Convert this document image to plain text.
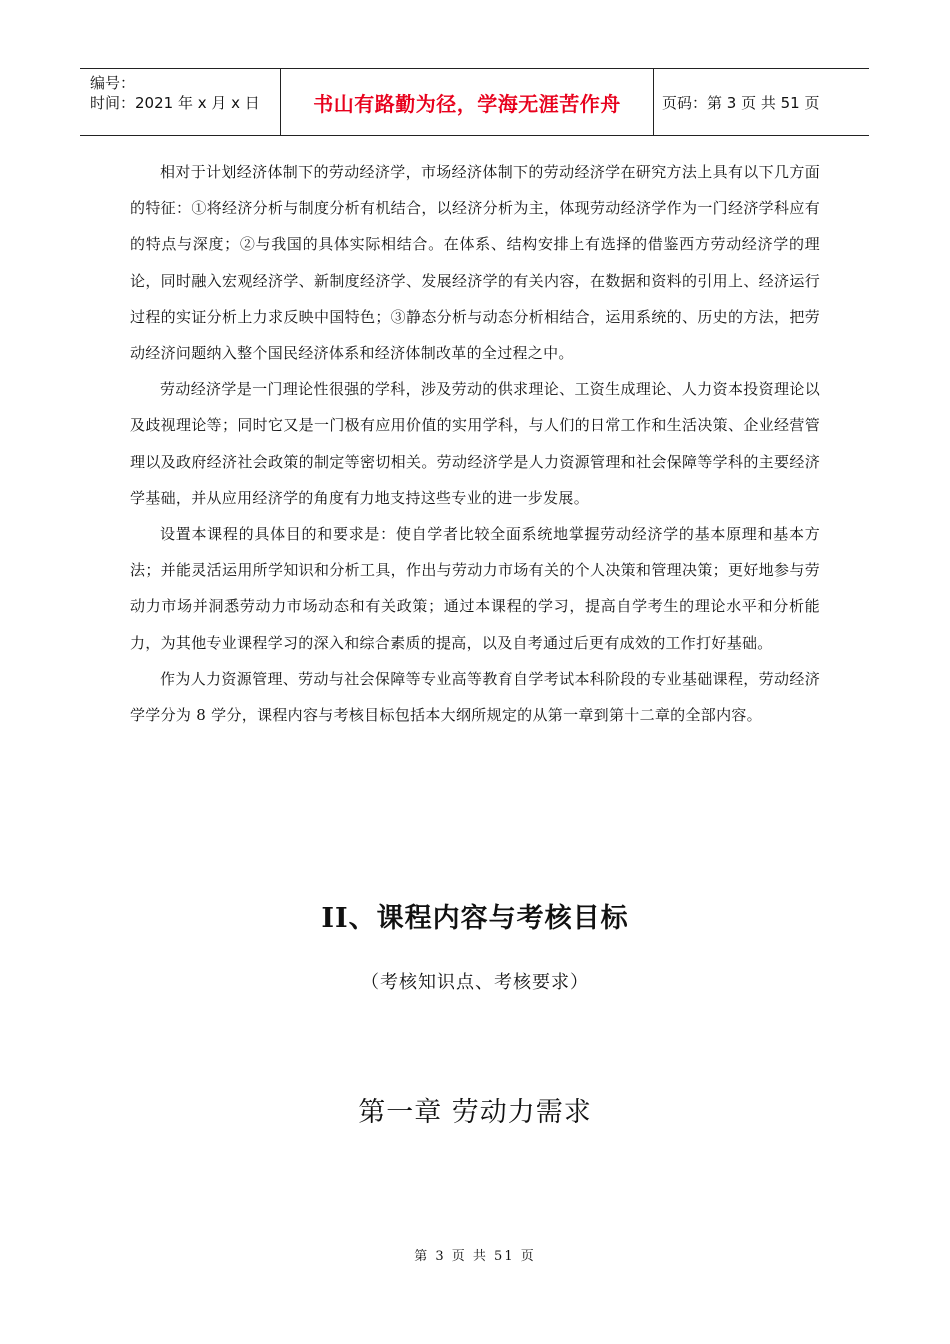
编号：
时间：2021 年 x 月 x 日	书山有路勤为径，学海无涯苦作舟	页码：第 3 页 共 51 页

相对于计划经济体制下的劳动经济学，市场经济体制下的劳动经济学在研究方法上具有以下几方面的特征：①将经济分析与制度分析有机结合，以经济分析为主，体现劳动经济学作为一门经济学科应有的特点与深度；②与我国的具体实际相结合。在体系、结构安排上有选择的借鉴西方劳动经济学的理论，同时融入宏观经济学、新制度经济学、发展经济学的有关内容，在数据和资料的引用上、经济运行过程的实证分析上力求反映中国特色；③静态分析与动态分析相结合，运用系统的、历史的方法，把劳动经济问题纳入整个国民经济体系和经济体制改革的全过程之中。

劳动经济学是一门理论性很强的学科，涉及劳动的供求理论、工资生成理论、人力资本投资理论以及歧视理论等；同时它又是一门极有应用价值的实用学科，与人们的日常工作和生活决策、企业经营管理以及政府经济社会政策的制定等密切相关。劳动经济学是人力资源管理和社会保障等学科的主要经济学基础，并从应用经济学的角度有力地支持这些专业的进一步发展。

设置本课程的具体目的和要求是：使自学者比较全面系统地掌握劳动经济学的基本原理和基本方法；并能灵活运用所学知识和分析工具，作出与劳动力市场有关的个人决策和管理决策；更好地参与劳动力市场并洞悉劳动力市场动态和有关政策；通过本课程的学习，提高自学考生的理论水平和分析能力，为其他专业课程学习的深入和综合素质的提高，以及自考通过后更有成效的工作打好基础。

作为人力资源管理、劳动与社会保障等专业高等教育自学考试本科阶段的专业基础课程，劳动经济学学分为 8 学分，课程内容与考核目标包括本大纲所规定的从第一章到第十二章的全部内容。

II、课程内容与考核目标
（考核知识点、考核要求）
第一章 劳动力需求
第 3 页 共 51 页
